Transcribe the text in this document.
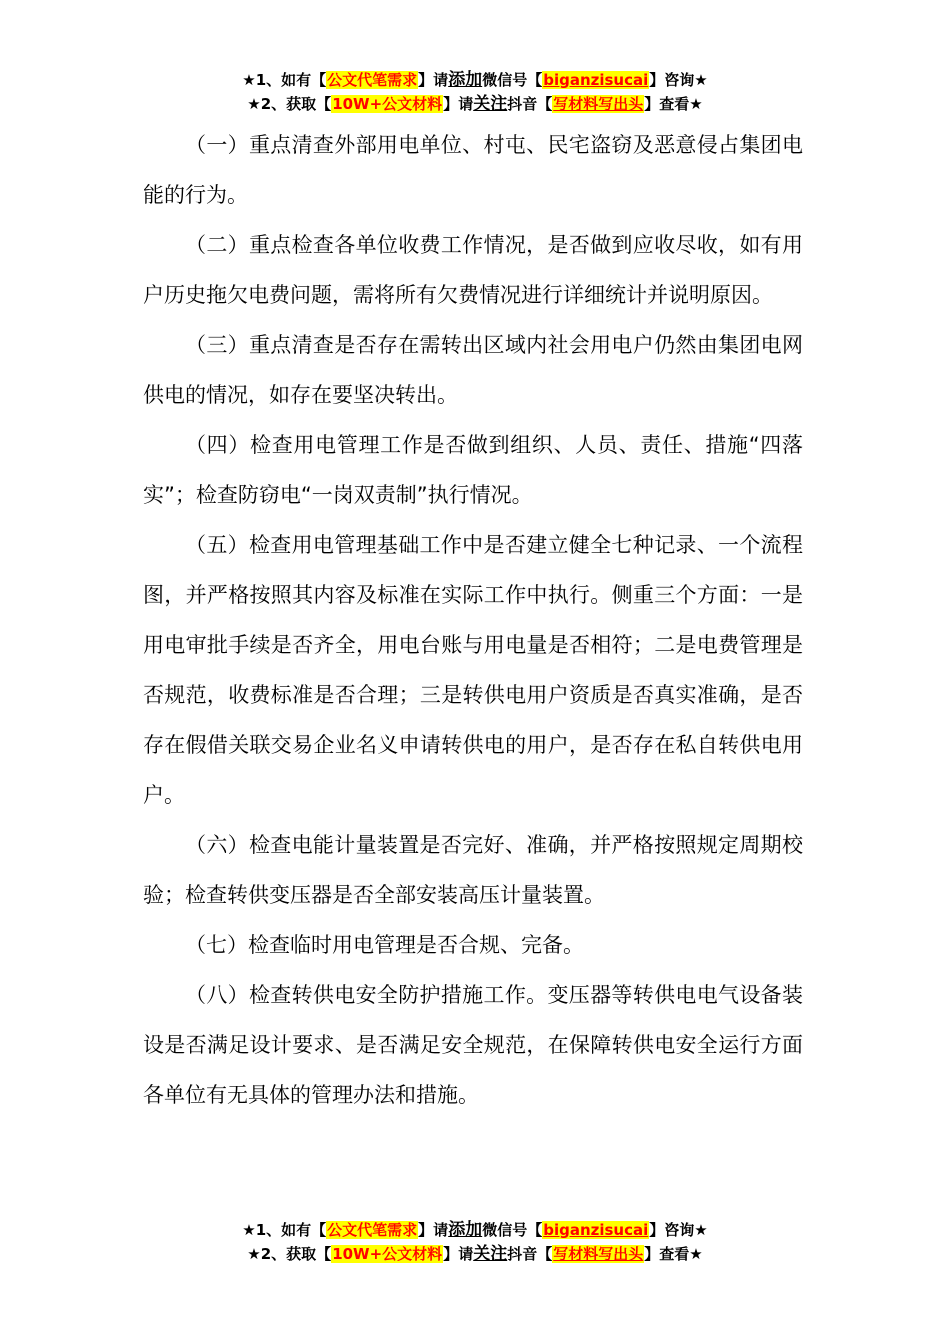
★1、如有【公文代笔需求】请添加微信号【biganzisucai】咨询★
★2、获取【10W+公文材料】请关注抖音【写材料写出头】查看★

（一）重点清查外部用电单位、村屯、民宅盗窃及恶意侵占集团电能的行为。

（二）重点检查各单位收费工作情况，是否做到应收尽收，如有用户历史拖欠电费问题，需将所有欠费情况进行详细统计并说明原因。

（三）重点清查是否存在需转出区域内社会用电户仍然由集团电网供电的情况，如存在要坚决转出。

（四）检查用电管理工作是否做到组织、人员、责任、措施“四落实”；检查防窃电“一岗双责制”执行情况。

（五）检查用电管理基础工作中是否建立健全七种记录、一个流程图，并严格按照其内容及标准在实际工作中执行。侧重三个方面：一是用电审批手续是否齐全，用电台账与用电量是否相符；二是电费管理是否规范，收费标准是否合理；三是转供电用户资质是否真实准确，是否存在假借关联交易企业名义申请转供电的用户，是否存在私自转供电用户。

（六）检查电能计量装置是否完好、准确，并严格按照规定周期校验；检查转供变压器是否全部安装高压计量装置。

（七）检查临时用电管理是否合规、完备。

（八）检查转供电安全防护措施工作。变压器等转供电电气设备装设是否满足设计要求、是否满足安全规范，在保障转供电安全运行方面各单位有无具体的管理办法和措施。

★1、如有【公文代笔需求】请添加微信号【biganzisucai】咨询★
★2、获取【10W+公文材料】请关注抖音【写材料写出头】查看★
